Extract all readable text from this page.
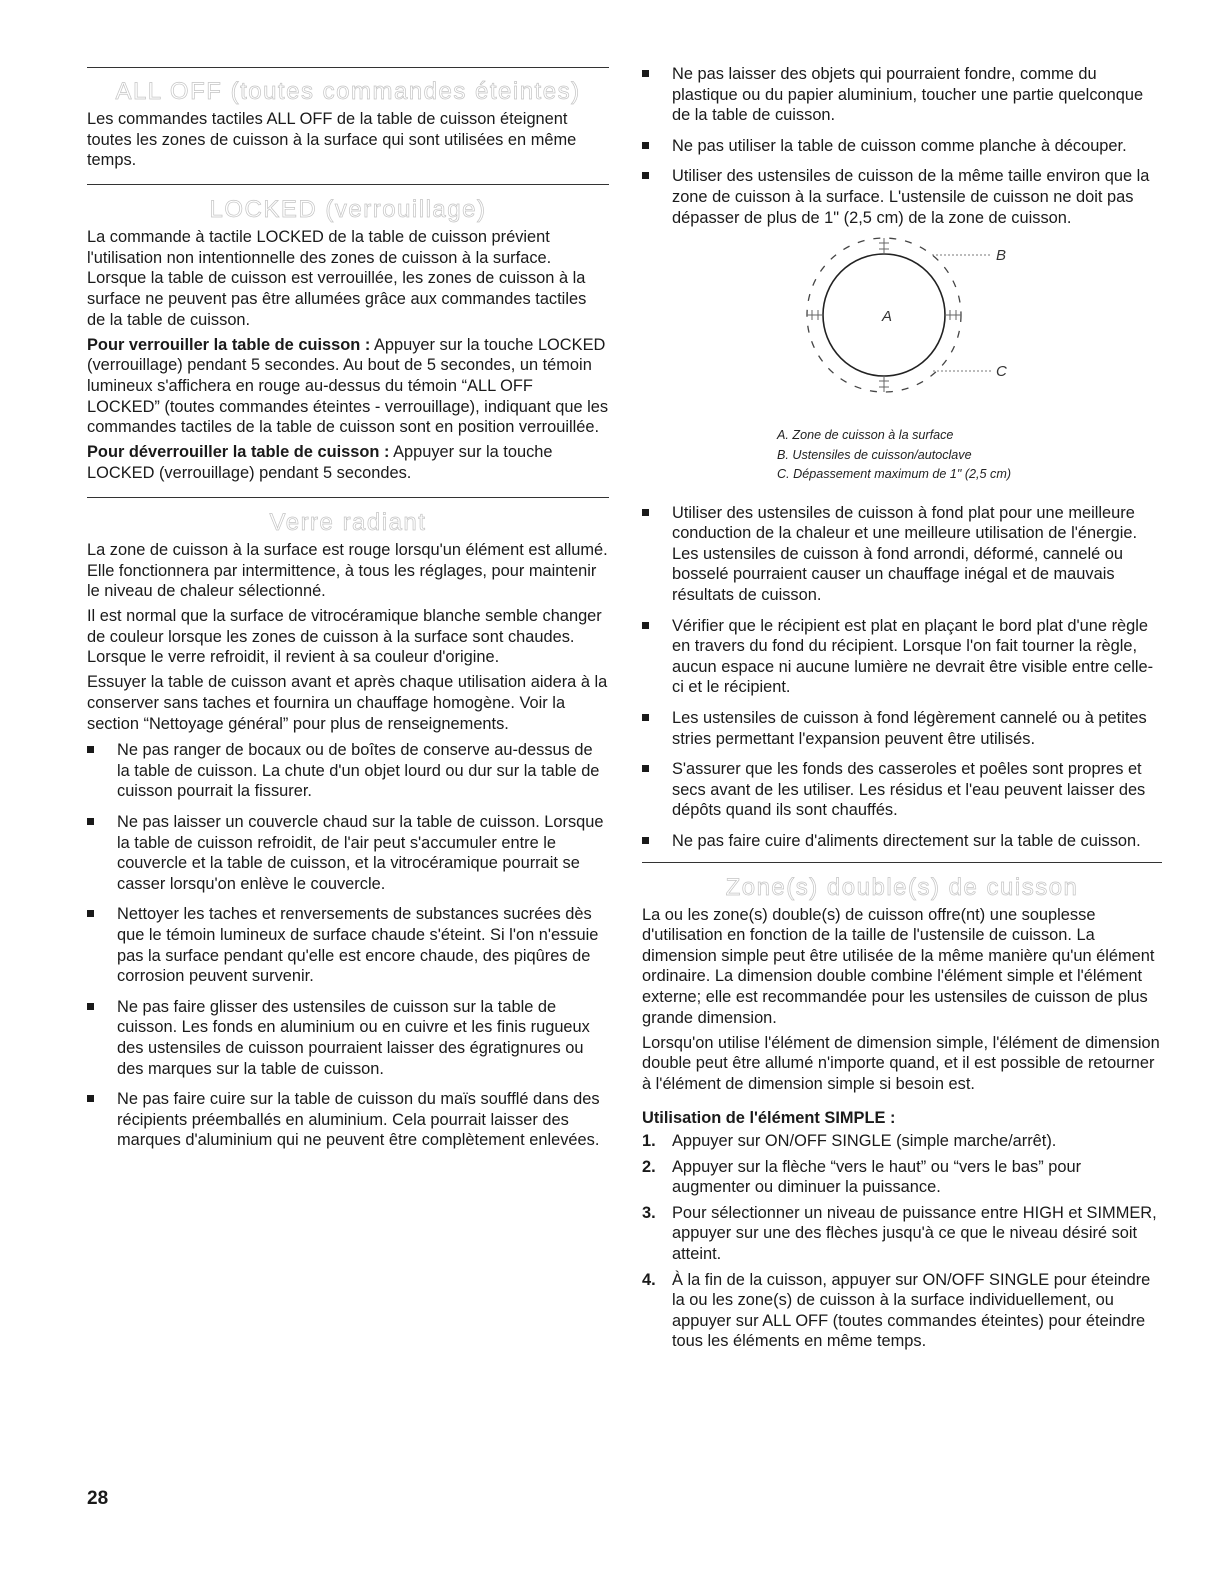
ALL OFF (toutes commandes éteintes)

Les commandes tactiles ALL OFF de la table de cuisson éteignent toutes les zones de cuisson à la surface qui sont utilisées en même temps.

LOCKED (verrouillage)

La commande à tactile LOCKED de la table de cuisson prévient l'utilisation non intentionnelle des zones de cuisson à la surface. Lorsque la table de cuisson est verrouillée, les zones de cuisson à la surface ne peuvent pas être allumées grâce aux commandes tactiles de la table de cuisson.

Pour verrouiller la table de cuisson : Appuyer sur la touche LOCKED (verrouillage) pendant 5 secondes. Au bout de 5 secondes, un témoin lumineux s'affichera en rouge au-dessus du témoin “ALL OFF LOCKED” (toutes commandes éteintes - verrouillage), indiquant que les commandes tactiles de la table de cuisson sont en position verrouillée.

Pour déverrouiller la table de cuisson : Appuyer sur la touche LOCKED (verrouillage) pendant 5 secondes.

Verre radiant

La zone de cuisson à la surface est rouge lorsqu'un élément est allumé. Elle fonctionnera par intermittence, à tous les réglages, pour maintenir le niveau de chaleur sélectionné.

Il est normal que la surface de vitrocéramique blanche semble changer de couleur lorsque les zones de cuisson à la surface sont chaudes. Lorsque le verre refroidit, il revient à sa couleur d'origine.

Essuyer la table de cuisson avant et après chaque utilisation aidera à la conserver sans taches et fournira un chauffage homogène. Voir la section “Nettoyage général” pour plus de renseignements.

Ne pas ranger de bocaux ou de boîtes de conserve au-dessus de la table de cuisson. La chute d'un objet lourd ou dur sur la table de cuisson pourrait la fissurer.
Ne pas laisser un couvercle chaud sur la table de cuisson. Lorsque la table de cuisson refroidit, de l'air peut s'accumuler entre le couvercle et la table de cuisson, et la vitrocéramique pourrait se casser lorsqu'on enlève le couvercle.
Nettoyer les taches et renversements de substances sucrées dès que le témoin lumineux de surface chaude s'éteint. Si l'on n'essuie pas la surface pendant qu'elle est encore chaude, des piqûres de corrosion peuvent survenir.
Ne pas faire glisser des ustensiles de cuisson sur la table de cuisson. Les fonds en aluminium ou en cuivre et les finis rugueux des ustensiles de cuisson pourraient laisser des égratignures ou des marques sur la table de cuisson.
Ne pas faire cuire sur la table de cuisson du maïs soufflé dans des récipients préemballés en aluminium. Cela pourrait laisser des marques d'aluminium qui ne peuvent être complètement enlevées.
Ne pas laisser des objets qui pourraient fondre, comme du plastique ou du papier aluminium, toucher une partie quelconque de la table de cuisson.
Ne pas utiliser la table de cuisson comme planche à découper.
Utiliser des ustensiles de cuisson de la même taille environ que la zone de cuisson à la surface. L'ustensile de cuisson ne doit pas dépasser de plus de 1" (2,5 cm) de la zone de cuisson.
A
B
C
A. Zone de cuisson à la surface
B. Ustensiles de cuisson/autoclave
C. Dépassement maximum de 1" (2,5 cm)
Utiliser des ustensiles de cuisson à fond plat pour une meilleure conduction de la chaleur et une meilleure utilisation de l'énergie. Les ustensiles de cuisson à fond arrondi, déformé, cannelé ou bosselé pourraient causer un chauffage inégal et de mauvais résultats de cuisson.
Vérifier que le récipient est plat en plaçant le bord plat d'une règle en travers du fond du récipient. Lorsque l'on fait tourner la règle, aucun espace ni aucune lumière ne devrait être visible entre celle-ci et le récipient.
Les ustensiles de cuisson à fond légèrement cannelé ou à petites stries permettant l'expansion peuvent être utilisés.
S'assurer que les fonds des casseroles et poêles sont propres et secs avant de les utiliser. Les résidus et l'eau peuvent laisser des dépôts quand ils sont chauffés.
Ne pas faire cuire d'aliments directement sur la table de cuisson.
Zone(s) double(s) de cuisson

La ou les zone(s) double(s) de cuisson offre(nt) une souplesse d'utilisation en fonction de la taille de l'ustensile de cuisson. La dimension simple peut être utilisée de la même manière qu'un élément ordinaire. La dimension double combine l'élément simple et l'élément externe; elle est recommandée pour les ustensiles de cuisson de plus grande dimension.

Lorsqu'on utilise l'élément de dimension simple, l'élément de dimension double peut être allumé n'importe quand, et il est possible de retourner à l'élément de dimension simple si besoin est.

Utilisation de l'élément SIMPLE :
1. Appuyer sur ON/OFF SINGLE (simple marche/arrêt).
2. Appuyer sur la flèche “vers le haut” ou “vers le bas” pour augmenter ou diminuer la puissance.
3. Pour sélectionner un niveau de puissance entre HIGH et SIMMER, appuyer sur une des flèches jusqu'à ce que le niveau désiré soit atteint.
4. À la fin de la cuisson, appuyer sur ON/OFF SINGLE pour éteindre la ou les zone(s) de cuisson à la surface individuellement, ou appuyer sur ALL OFF (toutes commandes éteintes) pour éteindre tous les éléments en même temps.
28
